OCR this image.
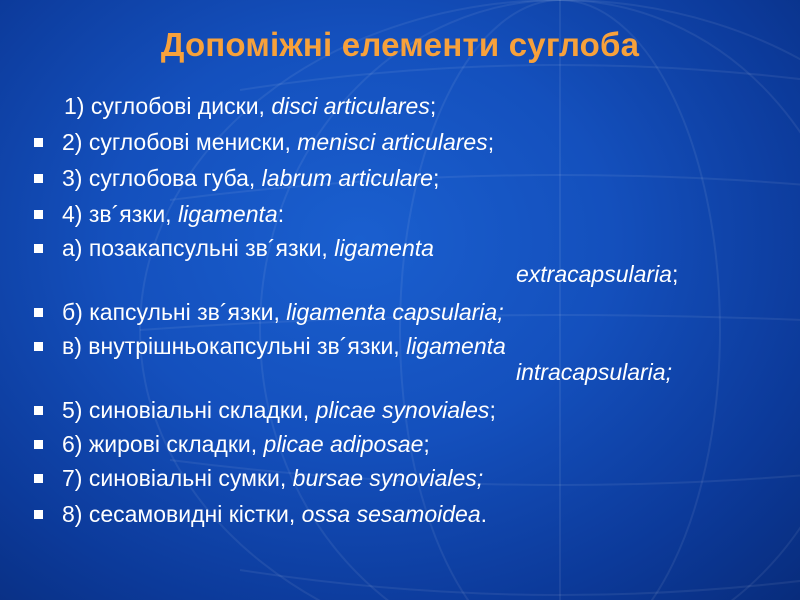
Допоміжні елементи суглоба
1) суглобові диски, disci articulares;
2) суглобові мениски, menisci articulares;
3) суглобова губа, labrum articulare;
4) зв´язки, ligamenta:
а) позакапсульні зв´язки, ligamenta
extracapsularia;
б) капсульні зв´язки, ligamenta capsularia;
в) внутрішньокапсульні зв´язки, ligamenta
intracapsularia;
5) синовіальні складки, plicae synoviales;
6) жирові складки, plicae adiposae;
7) синовіальні сумки, bursae synoviales;
8) сесамовидні кістки, ossa sesamoidea.
